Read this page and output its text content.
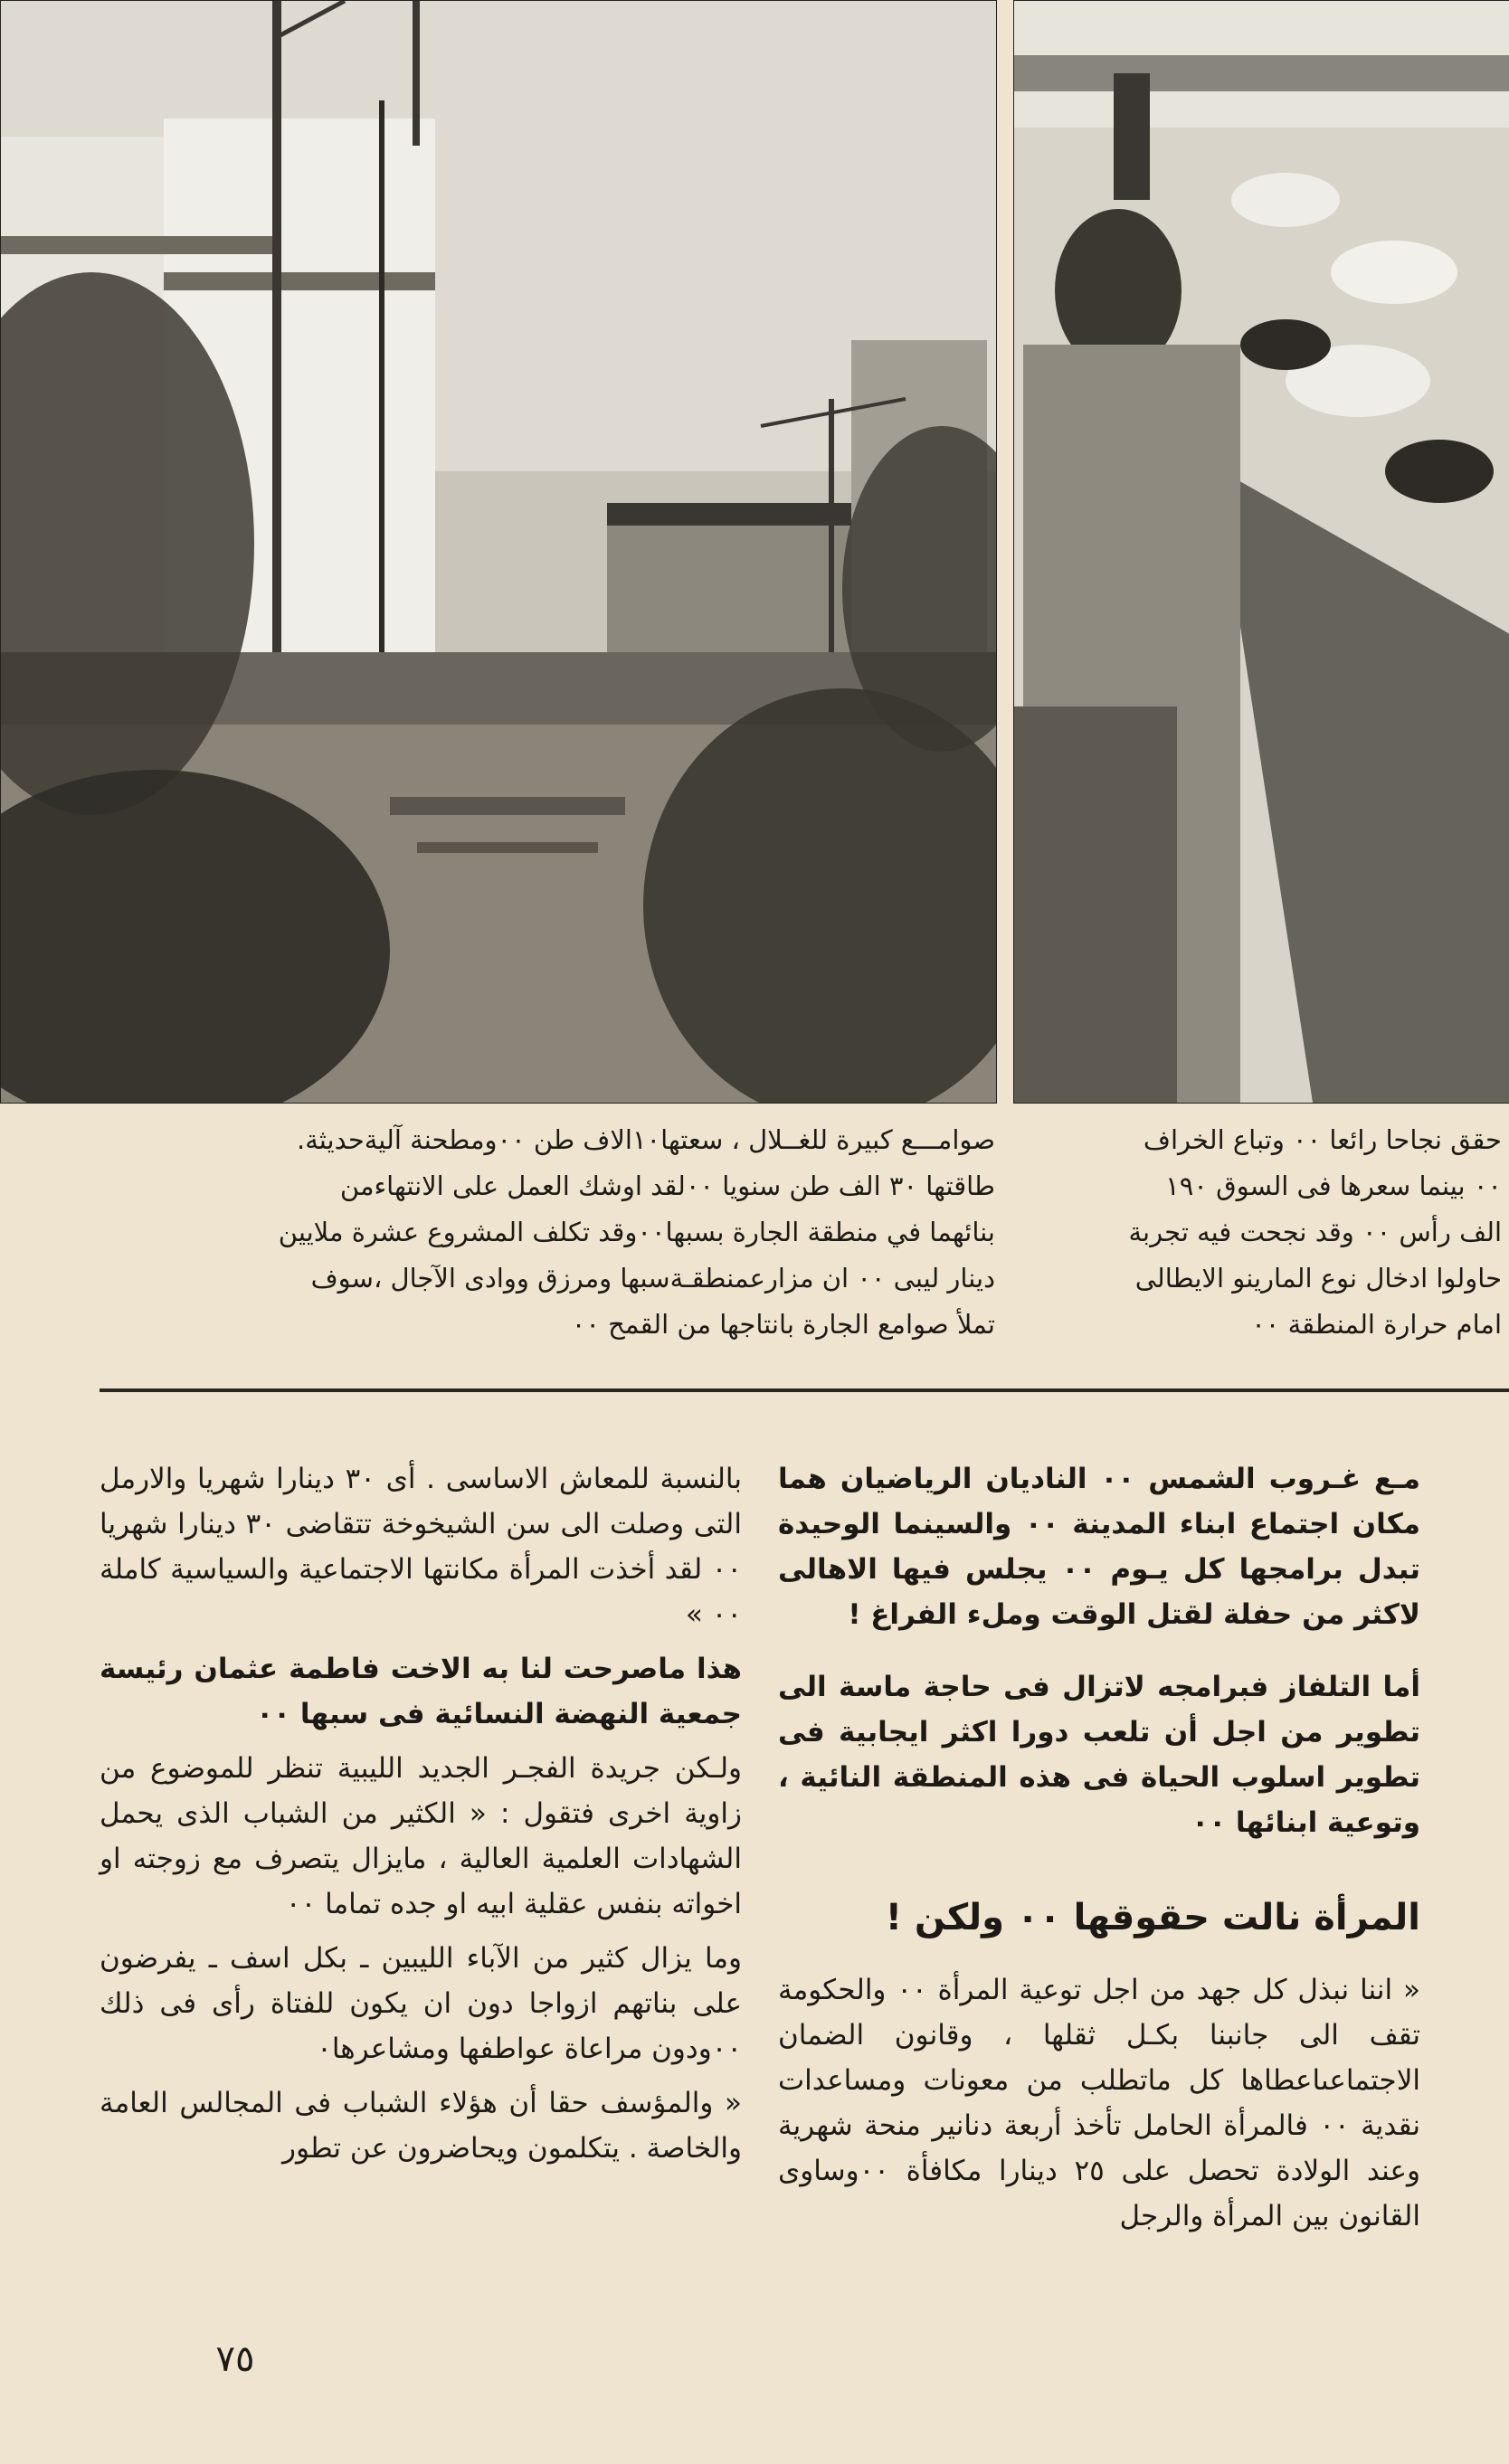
صوامـــع كبيرة للغــلال ، سعتها١٠الاف طن ٠٠ومطحنة آليةحديثة.
طاقتها ٣٠ الف طن سنويا ٠٠لقد اوشك العمل على الانتهاءمن
بنائهما في منطقة الجارة بسبها٠٠وقد تكلف المشروع عشرة ملايين
دينار ليبى ٠٠ ان مزارعمنطقـةسبها ومرزق ووادى الآجال ،سوف
تملأ صوامع الجارة بانتاجها من القمح ٠٠
حقق نجاحا رائعا ٠٠ وتباع الخراف
٠٠ بينما سعرها فى السوق ١٩٠
الف رأس ٠٠ وقد نجحت فيه تجربة
حاولوا ادخال نوع المارينو الايطالى
امام حرارة المنطقة ٠٠

مـع غـروب الشمس ٠٠ الناديان الرياضيان هما مكان اجتماع ابناء المدينة ٠٠ والسينما الوحيدة تبدل برامجها كل يـوم ٠٠ يجلس فيها الاهالى لاكثر من حفلة لقتل الوقت وملء الفراغ !

أما التلفاز فبرامجه لاتزال فى حاجة ماسة الى تطوير من اجل أن تلعب دورا اكثر ايجابية فى تطوير اسلوب الحياة فى هذه المنطقة النائية ، وتوعية ابنائها ٠٠

المرأة نالت حقوقها ٠٠ ولكن !

« اننا نبذل كل جهد من اجل توعية المرأة ٠٠ والحكومة تقف الى جانبنا بكـل ثقلها ، وقانون الضمان الاجتماعىاعطاها كل ماتطلب من معونات ومساعدات نقدية ٠٠ فالمرأة الحامل تأخذ أربعة دنانير منحة شهرية وعند الولادة تحصل على ٢٥ دينارا مكافأة ٠٠وساوى القانون بين المرأة والرجل

بالنسبة للمعاش الاساسى . أى ٣٠ دينارا شهريا والارمل التى وصلت الى سن الشيخوخة تتقاضى ٣٠ دينارا شهريا ٠٠ لقد أخذت المرأة مكانتها الاجتماعية والسياسية كاملة ٠٠ »

هذا ماصرحت لنا به الاخت فاطمة عثمان رئيسة جمعية النهضة النسائية فى سبها ٠٠

ولـكن جريدة الفجـر الجديد الليبية تنظر للموضوع من زاوية اخرى فتقول : « الكثير من الشباب الذى يحمل الشهادات العلمية العالية ، مايزال يتصرف مع زوجته او اخواته بنفس عقلية ابيه او جده تماما ٠٠

وما يزال كثير من الآباء الليبين ـ بكل اسف ـ يفرضون على بناتهم ازواجا دون ان يكون للفتاة رأى فى ذلك ٠٠ودون مراعاة عواطفها ومشاعرها٠

« والمؤسف حقا أن هؤلاء الشباب فى المجالس العامة والخاصة . يتكلمون ويحاضرون عن تطور

٧٥
